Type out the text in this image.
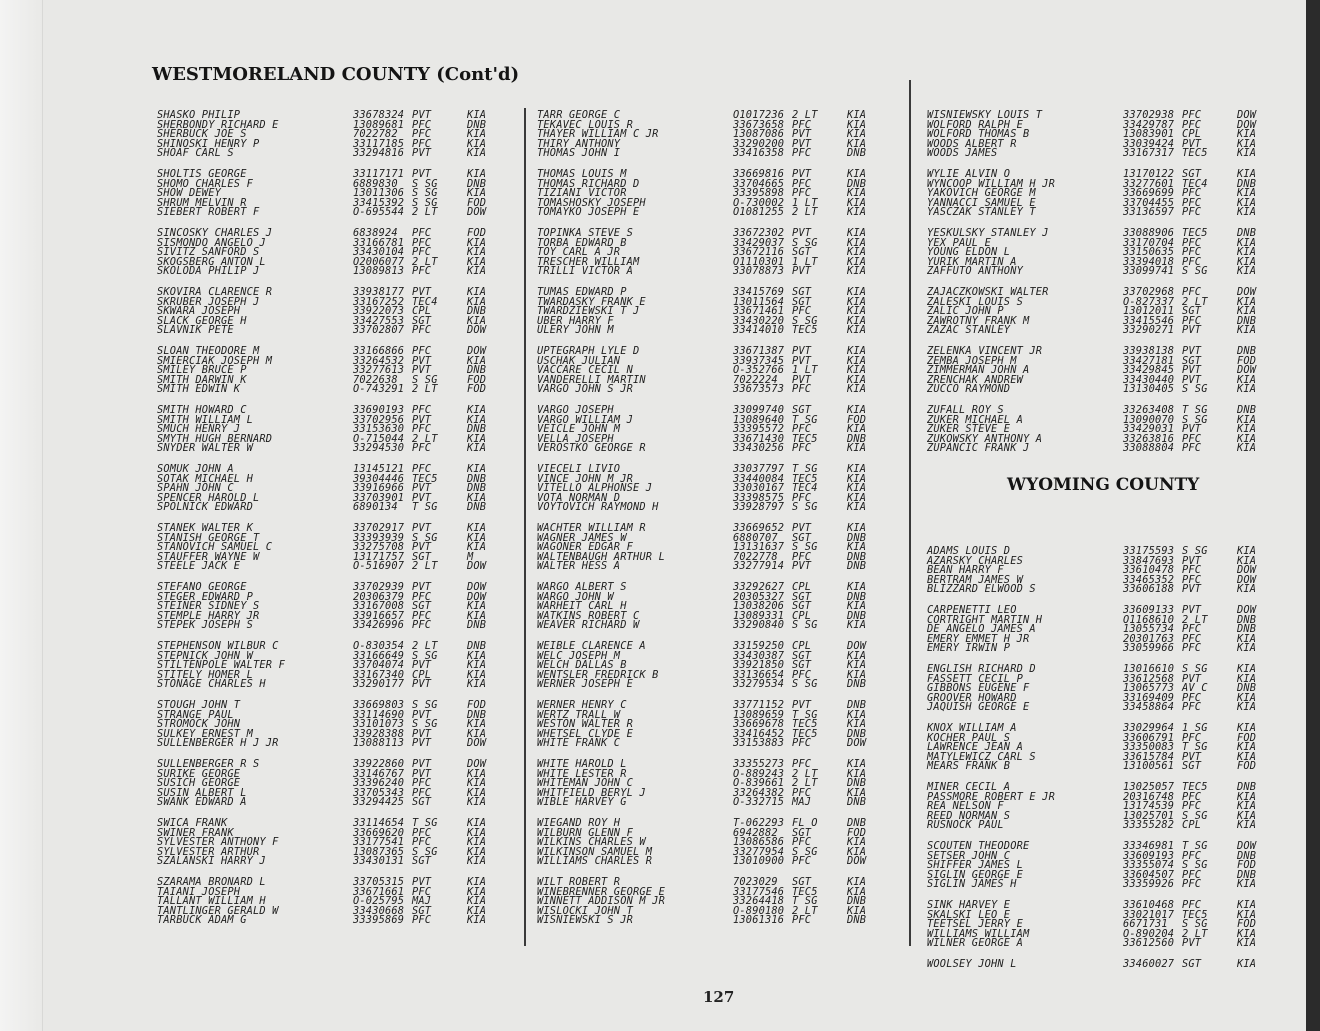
WESTMORELAND COUNTY (Cont'd)
SHASKO PHILIP	33678324 PVT	KIA
SHERBONDY RICHARD E	13089681 PFC	DNB
SHERBUCK JOE S	7022782 PFC	KIA
SHINOSKI HENRY P	33117185 PFC	KIA
SHOAF CARL S	33294816 PVT	KIA
SHOLTIS GEORGE	33117171 PVT	KIA
SHOMO CHARLES F	6889830 S SG	DNB
SHOW DEWEY	13011306 S SG	KIA
SHRUM MELVIN R	33415392 S SG	FOD
SIEBERT ROBERT F	O-695544 2 LT	DOW
SINCOSKY CHARLES J	6838924 PFC	FOD
SISMONDO ANGELO J	33166781 PFC	KIA
SIVITZ SANFORD S	33430104 PFC	KIA
SKOGSBERG ANTON L	O2006077 2 LT	KIA
SKOLODA PHILIP J	13089813 PFC	KIA
SKOVIRA CLARENCE R	33938177 PVT	KIA
SKRUBER JOSEPH J	33167252 TEC4	KIA
SKWARA JOSEPH	33922073 CPL	DNB
SLACK GEORGE H	33427553 SGT	KIA
SLAVNIK PETE	33702807 PFC	DOW
SLOAN THEODORE M	33166866 PFC	DOW
SMIERCIAK JOSEPH M	33264532 PVT	KIA
SMILEY BRUCE P	33277613 PVT	DNB
SMITH DARWIN K	7022638 S SG	FOD
SMITH EDWIN K	O-743291 2 LT	FOD
SMITH HOWARD C	33690193 PFC	KIA
SMITH WILLIAM L	33702956 PVT	KIA
SMUCH HENRY J	33153630 PFC	DNB
SMYTH HUGH BERNARD	O-715044 2 LT	KIA
SNYDER WALTER W	33294530 PFC	KIA
SOMUK JOHN A	13145121 PFC	KIA
SOTAK MICHAEL H	39304446 TEC5	DNB
SPAHN JOHN C	33916966 PVT	DNB
SPENCER HAROLD L	33703901 PVT	KIA
SPOLNICK EDWARD	6890134 T SG	DNB
STANEK WALTER K	33702917 PVT	KIA
STANISH GEORGE T	33393939 S SG	KIA
STANOVICH SAMUEL C	33275708 PVT	KIA
STAUFFER WAYNE W	13171757 SGT	M
STEELE JACK E	O-516907 2 LT	DOW
STEFANO GEORGE	33702939 PVT	DOW
STEGER EDWARD P	20306379 PFC	DOW
STEINER SIDNEY S	33167008 SGT	KIA
STEMPLE HARRY JR	33916657 PFC	KIA
STEPEK JOSEPH S	33426996 PFC	DNB
STEPHENSON WILBUR C	O-830354 2 LT	DNB
STEPNICK JOHN W	33166649 S SG	KIA
STILTENPOLE WALTER F	33704074 PVT	KIA
STITELY HOMER L	33167340 CPL	KIA
STONAGE CHARLES H	33290177 PVT	KIA
STOUGH JOHN T	33669803 S SG	FOD
STRANGE PAUL	33114690 PVT	DNB
STROMOCK JOHN	33101073 S SG	KIA
SULKEY ERNEST M	33928388 PVT	KIA
SULLENBERGER H J JR	13088113 PVT	DOW
SULLENBERGER R S	33922860 PVT	DOW
SURIKE GEORGE	33146767 PVT	KIA
SUSICH GEORGE	33396240 PFC	KIA
SUSIN ALBERT L	33705343 PFC	KIA
SWANK EDWARD A	33294425 SGT	KIA
SWICA FRANK	33114654 T SG	KIA
SWINER FRANK	33669620 PFC	KIA
SYLVESTER ANTHONY F	33177541 PFC	KIA
SYLVESTER ARTHUR	13087365 S SG	KIA
SZALANSKI HARRY J	33430131 SGT	KIA
SZARAMA BRONARD L	33705315 PVT	KIA
TAIANI JOSEPH	33671661 PFC	KIA
TALLANT WILLIAM H	O-025795 MAJ	KIA
TANTLINGER GERALD W	33430668 SGT	KIA
TARBUCK ADAM G	33395869 PFC	KIA
TARR GEORGE C	O1017236 2 LT	KIA
TEKAVEC LOUIS R	33673658 PFC	KIA
THAYER WILLIAM C JR	13087086 PVT	KIA
THIRY ANTHONY	33290200 PVT	KIA
THOMAS JOHN I	33416358 PFC	DNB
THOMAS LOUIS M	33669816 PVT	KIA
THOMAS RICHARD D	33704665 PFC	DNB
TIZIANI VICTOR	33395898 PFC	KIA
TOMASHOSKY JOSEPH	O-730002 1 LT	KIA
TOMAYKO JOSEPH E	O1081255 2 LT	KIA
TOPINKA STEVE S	33672302 PVT	KIA
TORBA EDWARD B	33429037 S SG	KIA
TOY CARL A JR	33672116 SGT	KIA
TRESCHER WILLIAM	O1110301 1 LT	KIA
TRILLI VICTOR A	33078873 PVT	KIA
TUMAS EDWARD P	33415769 SGT	KIA
TWARDASKY FRANK E	13011564 SGT	KIA
TWARDZIEWSKI T J	33671461 PFC	KIA
UBER HARRY F	33430220 S SG	KIA
ULERY JOHN M	33414010 TEC5	KIA
UPTEGRAPH LYLE D	33671387 PVT	KIA
USCHAK JULIAN	33937345 PVT	KIA
VACCARE CECIL N	O-352766 1 LT	KIA
VANDERELLI MARTIN	7022224 PVT	KIA
VARGO JOHN S JR	33673573 PFC	KIA
VARGO JOSEPH	33099740 SGT	KIA
VARGO WILLIAM J	13089640 T SG	FOD
VEICLE JOHN M	33395572 PFC	KIA
VELLA JOSEPH	33671430 TEC5	DNB
VEROSTKO GEORGE R	33430256 PFC	KIA
VIECELI LIVIO	33037797 T SG	KIA
VINCE JOHN M JR	33440084 TEC5	KIA
VITELLO ALPHONSE J	33030167 TEC4	KIA
VOTA NORMAN D	33398575 PFC	KIA
VOYTOVICH RAYMOND H	33928797 S SG	KIA
WACHTER WILLIAM R	33669652 PVT	KIA
WAGNER JAMES W	6880707 SGT	DNB
WAGONER EDGAR F	13131637 S SG	KIA
WALTENBAUGH ARTHUR L	7022778 PFC	DNB
WALTER HESS A	33277914 PVT	DNB
WARGO ALBERT S	33292627 CPL	KIA
WARGO JOHN W	20305327 SGT	DNB
WARHEIT CARL H	13038206 SGT	KIA
WATKINS ROBERT C	13089331 CPL	DNB
WEAVER RICHARD W	33290840 S SG	KIA
WEIBLE CLARENCE A	33159250 CPL	DOW
WELC JOSEPH M	33430387 SGT	KIA
WELCH DALLAS B	33921850 SGT	KIA
WENTSLER FREDRICK B	33136654 PFC	KIA
WERNER JOSEPH E	33279534 S SG	DNB
WERNER HENRY C	33771152 PVT	DNB
WERTZ TRALL W	13089659 T SG	KIA
WESTON WALTER R	33669678 TEC5	KIA
WHETSEL CLYDE E	33416452 TEC5	DNB
WHITE FRANK C	33153883 PFC	DOW
WHITE HAROLD L	33355273 PFC	KIA
WHITE LESTER R	O-889243 2 LT	KIA
WHITEMAN JOHN C	O-839661 2 LT	DNB
WHITFIELD BERYL J	33264382 PFC	KIA
WIBLE HARVEY G	O-332715 MAJ	DNB
WIEGAND ROY H	T-062293 FL O	DNB
WILBURN GLENN F	6942882 SGT	FOD
WILKINS CHARLES W	13086586 PFC	KIA
WILKINSON SAMUEL M	33277954 S SG	KIA
WILLIAMS CHARLES R	13010900 PFC	DOW
WILT ROBERT R	7023029 SGT	KIA
WINEBRENNER GEORGE E	33177546 TEC5	KIA
WINNETT ADDISON M JR	33264418 T SG	DNB
WISLOCKI JOHN T	O-890180 2 LT	KIA
WISNIEWSKI S JR	13061316 PFC	DNB
WISNIEWSKY LOUIS T	33702938 PFC	DOW
WOLFORD RALPH E	33429787 PFC	DOW
WOLFORD THOMAS B	13083901 CPL	KIA
WOODS ALBERT R	33039424 PVT	KIA
WOODS JAMES	33167317 TEC5	KIA
WYLIE ALVIN O	13170122 SGT	KIA
WYNCOOP WILLIAM H JR	33277601 TEC4	DNB
YAKOVICH GEORGE M	33669699 PFC	KIA
YANNACCI SAMUEL E	33704455 PFC	KIA
YASCZAK STANLEY T	33136597 PFC	KIA
YESKULSKY STANLEY J	33088906 TEC5	DNB
YEX PAUL E	33170704 PFC	KIA
YOUNG ELDON L	33150635 PFC	KIA
YURIK MARTIN A	33394018 PFC	KIA
ZAFFUTO ANTHONY	33099741 S SG	KIA
ZAJACZKOWSKI WALTER	33702968 PFC	DOW
ZALESKI LOUIS S	O-827337 2 LT	KIA
ZALIC JOHN P	13012011 SGT	KIA
ZAWROTNY FRANK M	33415546 PFC	DNB
ZAZAC STANLEY	33290271 PVT	KIA
ZELENKA VINCENT JR	33938138 PVT	DNB
ZEMBA JOSEPH M	33427181 SGT	FOD
ZIMMERMAN JOHN A	33429845 PVT	DOW
ZRENCHAK ANDREW	33430440 PVT	KIA
ZUCCO RAYMOND	13130405 S SG	KIA
ZUFALL ROY S	33263408 T SG	DNB
ZUKER MICHAEL A	13090070 S SG	KIA
ZUKER STEVE E	33429031 PVT	KIA
ZUKOWSKY ANTHONY A	33263816 PFC	KIA
ZUPANCIC FRANK J	33088804 PFC	KIA
ADAMS LOUIS D	33175593 S SG	KIA
AZARSKY CHARLES	33847693 PVT	KIA
BEAN HARRY F	33610478 PFC	DOW
BERTRAM JAMES W	33465352 PFC	DOW
BLIZZARD ELWOOD S	33606188 PVT	KIA
CARPENETTI LEO	33609133 PVT	DOW
CORTRIGHT MARTIN H	O1168610 2 LT	DNB
DE ANGELO JAMES A	13055734 PFC	DNB
EMERY EMMET H JR	20301763 PFC	KIA
EMERY IRWIN P	33059966 PFC	KIA
ENGLISH RICHARD D	13016610 S SG	KIA
FASSETT CECIL P	33612568 PVT	KIA
GIBBONS EUGENE F	13065773 AV C	DNB
GROOVER HOWARD	33169409 PFC	KIA
JAQUISH GEORGE E	33458864 PFC	KIA
KNOX WILLIAM A	33029964 1 SG	KIA
KOCHER PAUL S	33606791 PFC	FOD
LAWRENCE JEAN A	33350083 T SG	KIA
MATYLEWICZ CARL S	33615784 PVT	KIA
MEARS FRANK B	13100561 SGT	FOD
MINER CECIL A	13025057 TEC5	DNB
PASSMORE ROBERT E JR	20316748 PFC	KIA
REA NELSON F	13174539 PFC	KIA
REED NORMAN S	13025701 S SG	KIA
RUSNOCK PAUL	33355282 CPL	KIA
SCOUTEN THEODORE	33346981 T SG	DOW
SETSER JOHN C	33609193 PFC	DNB
SHIFFER JAMES L	33355074 S SG	FOD
SIGLIN GEORGE E	33604507 PFC	DNB
SIGLIN JAMES H	33359926 PFC	KIA
SINK HARVEY E	33610468 PFC	KIA
SKALSKI LEO E	33021017 TEC5	KIA
TEETSEL JERRY E	6671731 S SG	FOD
WILLIAMS WILLIAM	O-890204 2 LT	KIA
WILNER GEORGE A	33612560 PVT	KIA
WOOLSEY JOHN L	33460027 SGT	KIA
WYOMING COUNTY
127
